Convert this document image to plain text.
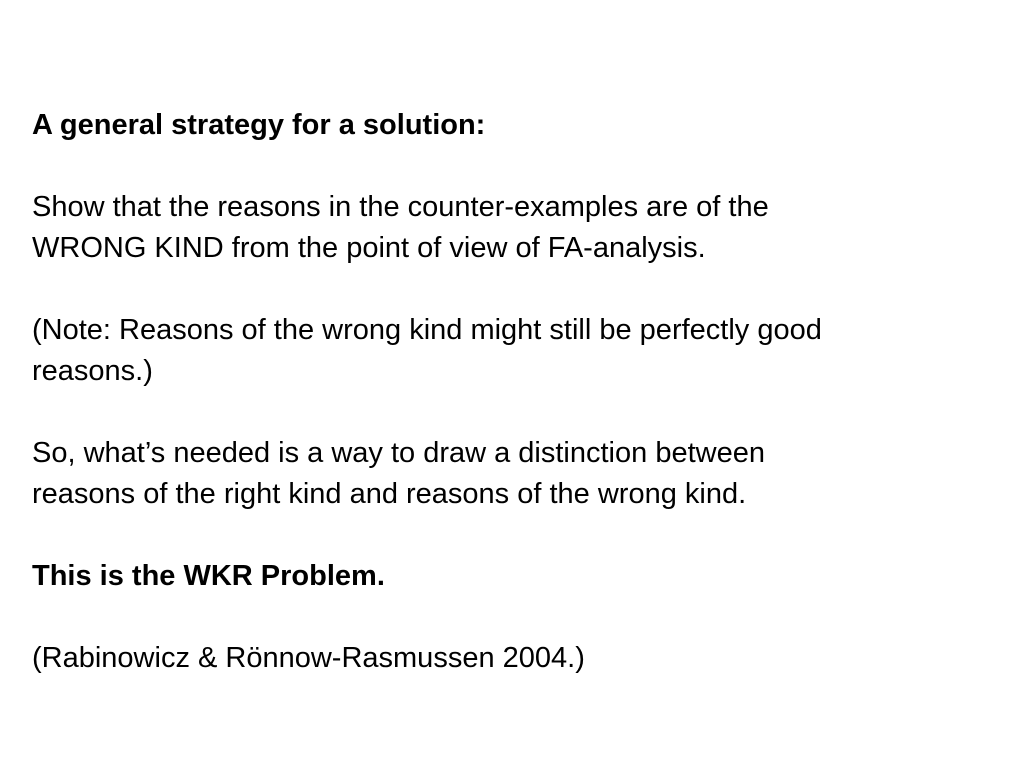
A general strategy for a solution:
Show that the reasons in the counter-examples are of the
WRONG KIND from the point of view of FA-analysis.
(Note: Reasons of the wrong kind might still be perfectly good
reasons.)
So, what’s needed is a way to draw a distinction between
reasons of the right kind and reasons of the wrong kind.
This is the WKR Problem.
(Rabinowicz & Rönnow-Rasmussen 2004.)
